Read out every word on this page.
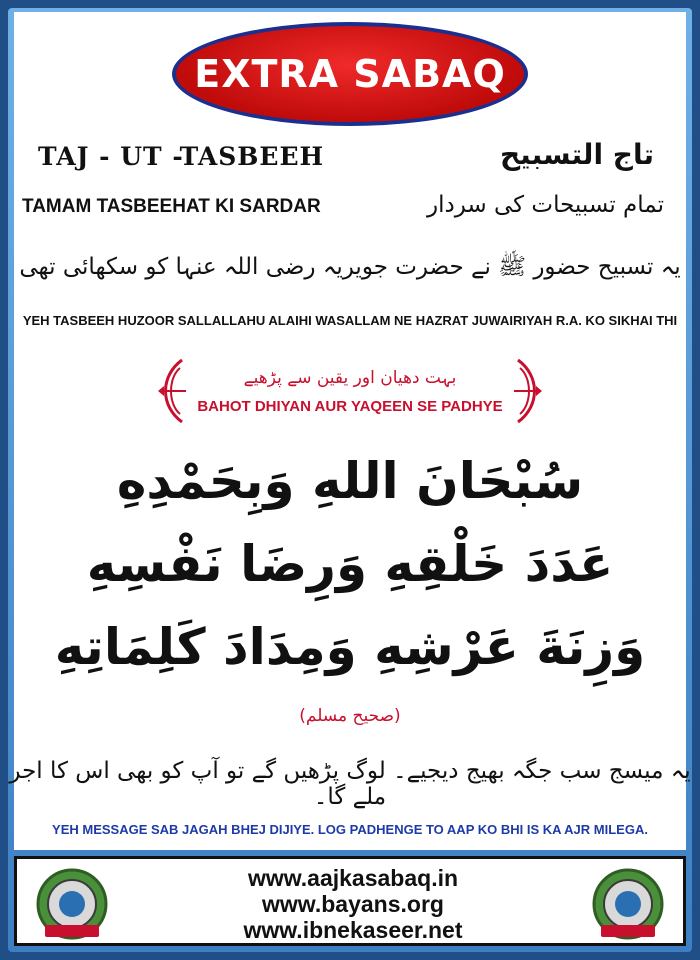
EXTRA SABAQ
TAJ - UT -TASBEEH
TAMAM TASBEEHAT KI SARDAR
تاج التسبیح
تمام تسبیحات کی سردار
یہ تسبیح حضور ﷺ نے حضرت جویریہ رضی اللہ عنہا کو سکھائی تھی
YEH TASBEEH HUZOOR SALLALLAHU ALAIHI WASALLAM NE HAZRAT JUWAIRIYAH R.A. KO SIKHAI THI
بہت دھیان اور یقین سے پڑھیے
BAHOT DHIYAN AUR YAQEEN SE PADHYE
سُبْحَانَ اللهِ وَبِحَمْدِهِ
عَدَدَ خَلْقِهِ وَرِضَا نَفْسِهِ
وَزِنَةَ عَرْشِهِ وَمِدَادَ كَلِمَاتِهِ
(صحیح مسلم)
یہ میسج سب جگہ بھیج دیجیے۔ لوگ پڑھیں گے تو آپ کو بھی اس کا اجر ملے گا۔
YEH MESSAGE SAB JAGAH BHEJ DIJIYE. LOG PADHENGE TO AAP KO BHI IS KA AJR MILEGA.
www.aajkasabaq.in
www.bayans.org
www.ibnekaseer.net
